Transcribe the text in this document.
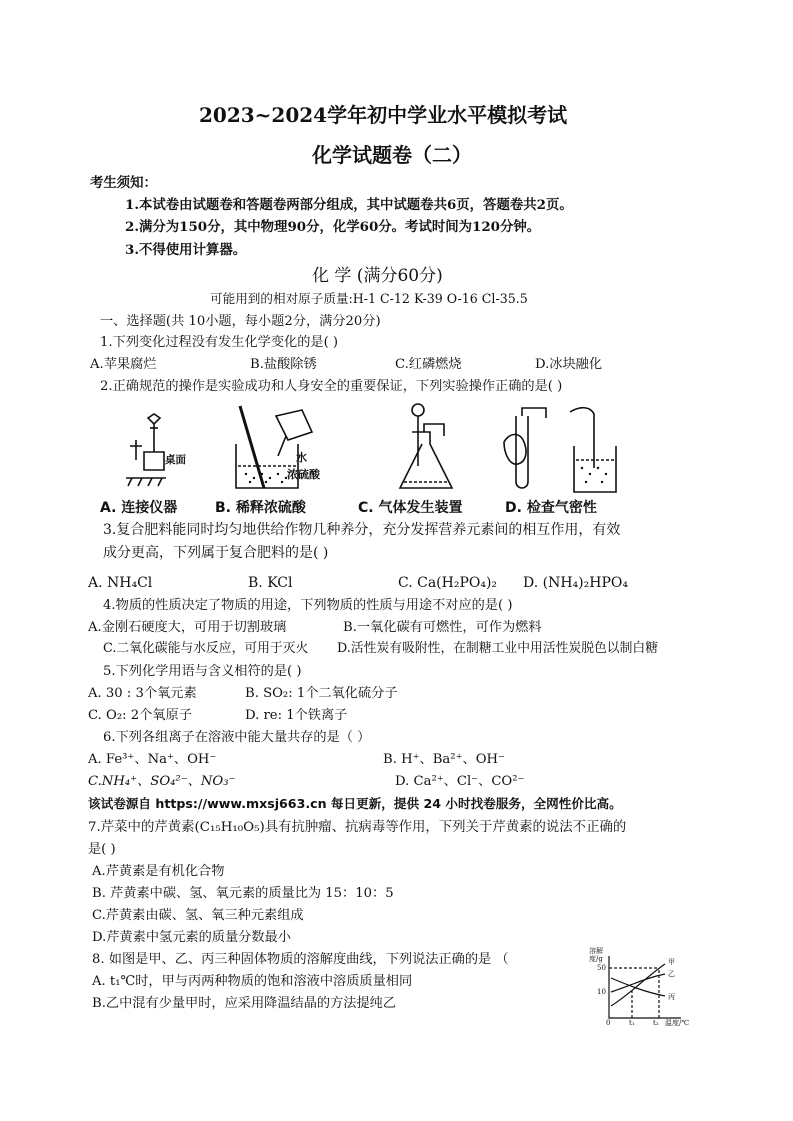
2023~2024学年初中学业水平模拟考试
化学试题卷（二）
考生须知：
1.本试卷由试题卷和答题卷两部分组成，其中试题卷共6页，答题卷共2页。
2.满分为150分，其中物理90分，化学60分。考试时间为120分钟。
3.不得使用计算器。
化 学 (满分60分)
可能用到的相对原子质量:H-1 C-12 K-39 O-16 Cl-35.5
一、选择题(共 10小题，每小题2分，满分20分)
1.下列变化过程没有发生化学变化的是( )
A.苹果腐烂	B.盐酸除锈	C.红磷燃烧	D.冰块融化
2.正确规范的操作是实验成功和人身安全的重要保证，下列实验操作正确的是( )
桌面	水
浓硫酸
A. 连接仪器	B. 稀释浓硫酸	C. 气体发生装置	D. 检查气密性
3.复合肥料能同时均匀地供给作物几种养分，充分发挥营养元素间的相互作用，有效
成分更高，下列属于复合肥料的是( )
A. NH₄Cl	B. KCl	C. Ca(H₂PO₄)₂ D. (NH₄)₂HPO₄
4.物质的性质决定了物质的用途，下列物质的性质与用途不对应的是( )
A.金刚石硬度大，可用于切割玻璃	B.一氧化碳有可燃性，可作为燃料
C.二氧化碳能与水反应，可用于灭火 D.活性炭有吸附性，在制糖工业中用活性炭脱色以制白糖
5.下列化学用语与含义相符的是( )
A. 30 : 3个氧元素	B. SO₂: 1个二氧化硫分子
C. O₂: 2个氧原子	D. re: 1个铁离子
6.下列各组离子在溶液中能大量共存的是（ ）
A. Fe³⁺、Na⁺、OH⁻	B. H⁺、Ba²⁺、OH⁻
C.NH₄⁺、SO₄²⁻、NO₃⁻	D. Ca²⁺、Cl⁻、CO²⁻
该试卷源自 https://www.mxsj663.cn 每日更新，提供 24 小时找卷服务，全网性价比高。
7.芹菜中的芹黄素(C₁₅H₁₀O₅)具有抗肿瘤、抗病毒等作用，下列关于芹黄素的说法不正确的
是( )
A.芹黄素是有机化合物
B. 芹黄素中碳、氢、氧元素的质量比为 15：10：5
C.芹黄素由碳、氢、氧三种元素组成
D.芹黄素中氢元素的质量分数最小
8. 如图是甲、乙、丙三种固体物质的溶解度曲线，下列说法正确的是 （
A. t₁℃时，甲与丙两种物质的饱和溶液中溶质质量相同
B.乙中混有少量甲时，应采用降温结晶的方法提纯乙
溶解度/g
50
10
0	t₁	t₂ 温度/℃
甲
乙
丙
